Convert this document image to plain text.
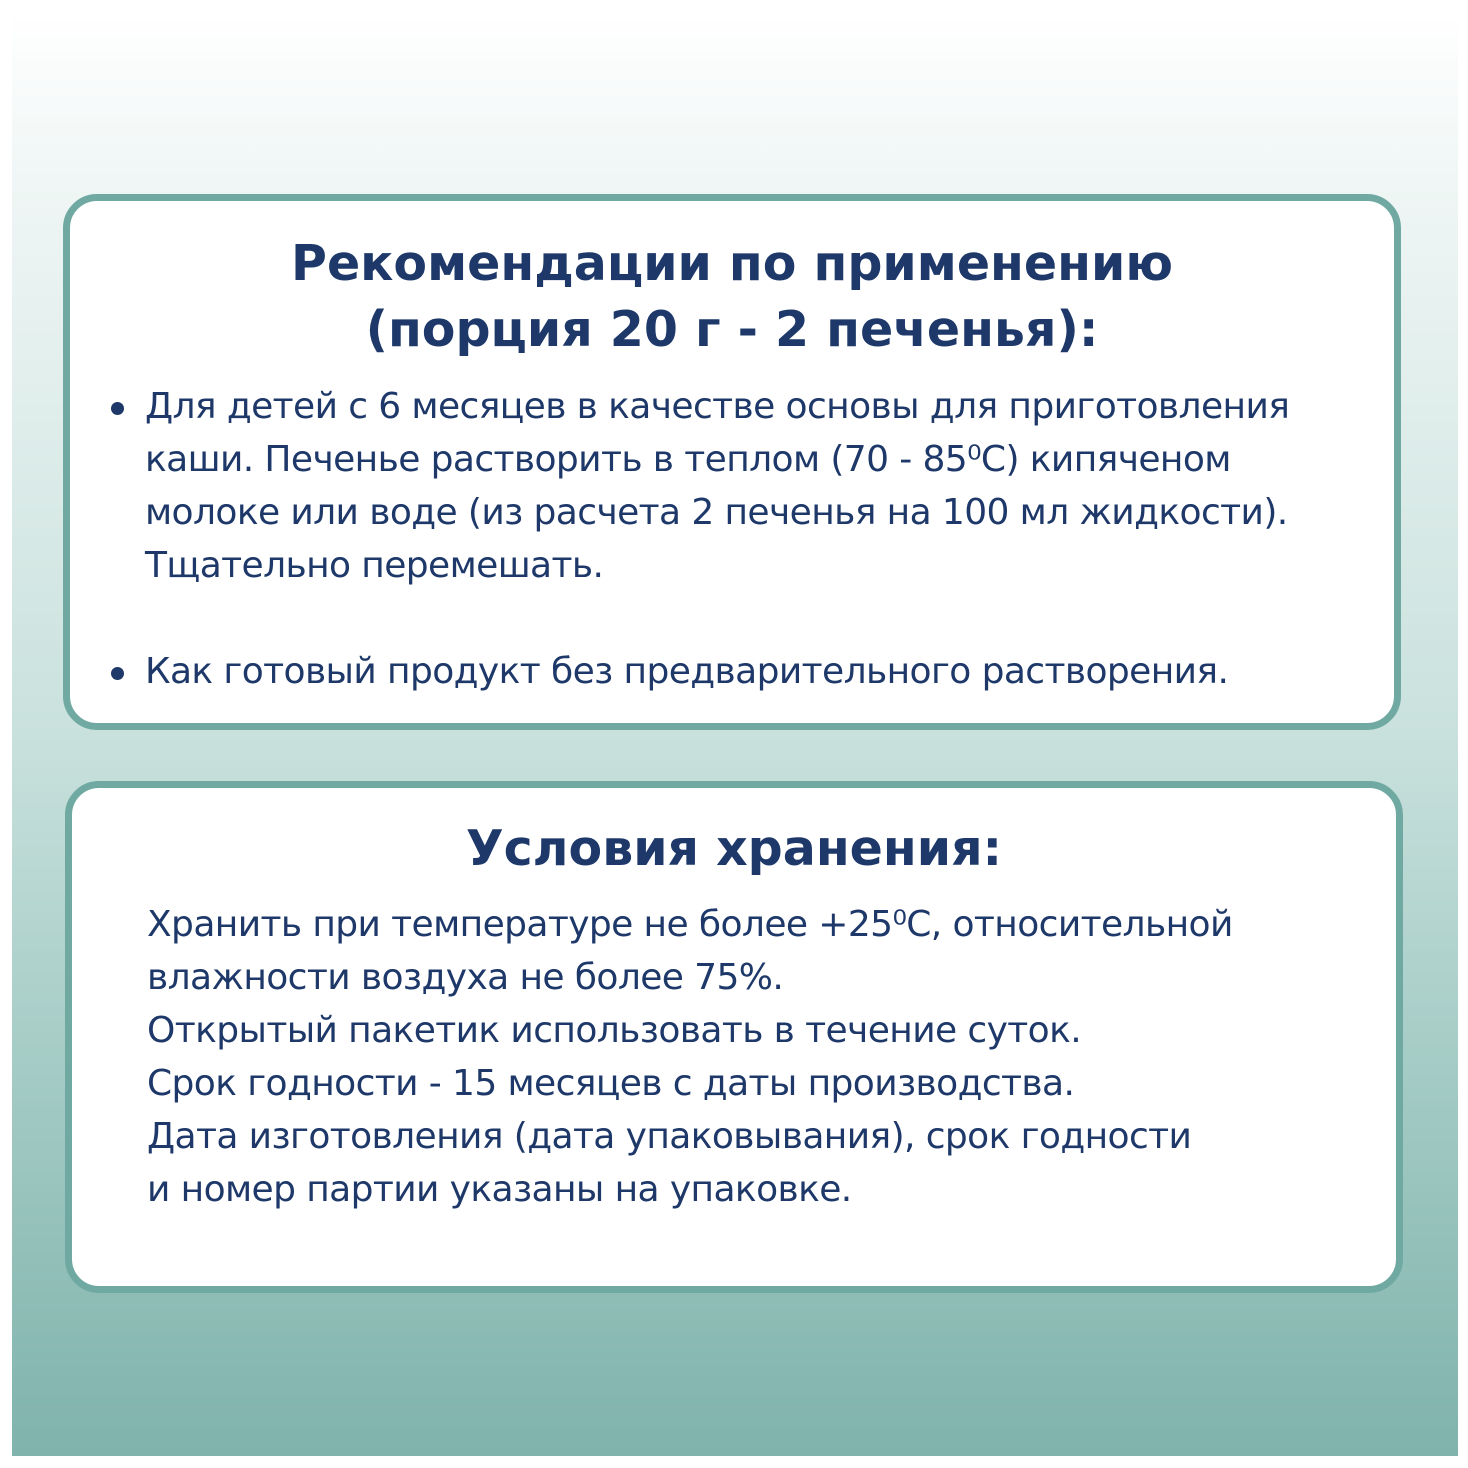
Рекомендации по применению
(порция 20 г - 2 печенья):
Для детей с 6 месяцев в качестве основы для приготовления
каши. Печенье растворить в теплом (70 - 85⁰С) кипяченом
молоке или воде (из расчета 2 печенья на 100 мл жидкости).
Тщательно перемешать.
Как готовый продукт без предварительного растворения.
Условия хранения:
Хранить при температуре не более +25⁰С, относительной
влажности воздуха не более 75%.
Открытый пакетик использовать в течение суток.
Срок годности - 15 месяцев с даты производства.
Дата изготовления (дата упаковывания), срок годности
и номер партии указаны на упаковке.
